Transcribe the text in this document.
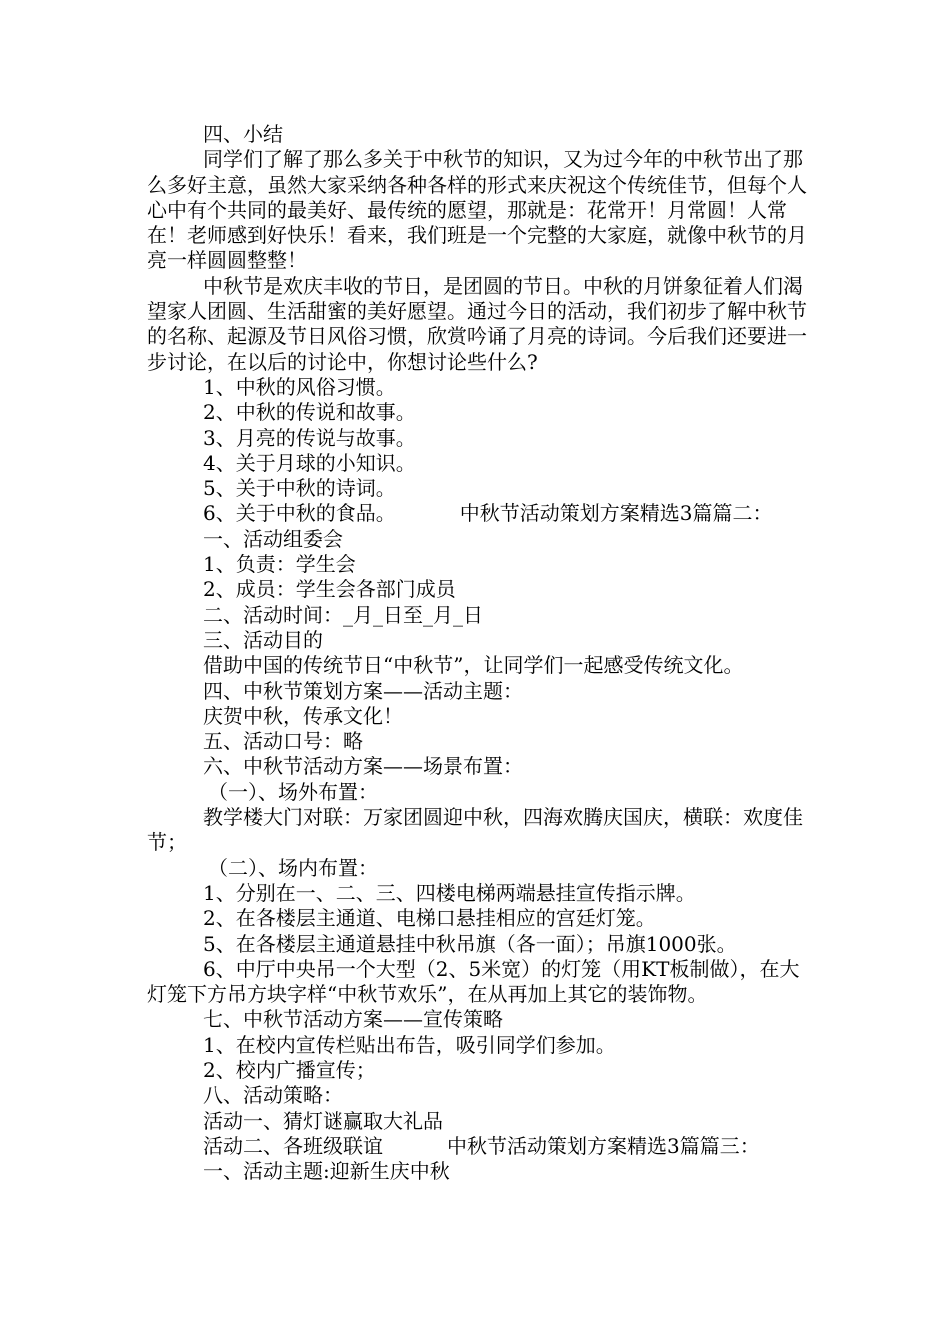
四、小结

同学们了解了那么多关于中秋节的知识，又为过今年的中秋节出了那么多好主意，虽然大家采纳各种各样的形式来庆祝这个传统佳节，但每个人心中有个共同的最美好、最传统的愿望，那就是：花常开！月常圆！人常在！老师感到好快乐！看来，我们班是一个完整的大家庭，就像中秋节的月亮一样圆圆整整！

中秋节是欢庆丰收的节日，是团圆的节日。中秋的月饼象征着人们渴望家人团圆、生活甜蜜的美好愿望。通过今日的活动，我们初步了解中秋节的名称、起源及节日风俗习惯，欣赏吟诵了月亮的诗词。今后我们还要进一步讨论，在以后的讨论中，你想讨论些什么?

1、中秋的风俗习惯。

2、中秋的传说和故事。

3、月亮的传说与故事。

4、关于月球的小知识。

5、关于中秋的诗词。

6、关于中秋的食品。	中秋节活动策划方案精选3篇篇二：

一、活动组委会

1、负责：学生会

2、成员：学生会各部门成员

二、活动时间：_月_日至_月_日

三、活动目的

借助中国的传统节日“中秋节”，让同学们一起感受传统文化。

四、中秋节策划方案——活动主题：

庆贺中秋，传承文化！

五、活动口号：略

六、中秋节活动方案——场景布置：

（一）、场外布置：

教学楼大门对联：万家团圆迎中秋，四海欢腾庆国庆，横联：欢度佳节；

（二）、场内布置：

1、分别在一、二、三、四楼电梯两端悬挂宣传指示牌。

2、在各楼层主通道、电梯口悬挂相应的宫廷灯笼。

5、在各楼层主通道悬挂中秋吊旗（各一面）；吊旗1000张。

6、中厅中央吊一个大型（2、5米宽）的灯笼（用KT板制做），在大灯笼下方吊方块字样“中秋节欢乐”，在从再加上其它的装饰物。

七、中秋节活动方案——宣传策略

1、在校内宣传栏贴出布告，吸引同学们参加。

2、校内广播宣传；

八、活动策略：

活动一、猜灯谜赢取大礼品

活动二、各班级联谊	中秋节活动策划方案精选3篇篇三：

一、活动主题:迎新生庆中秋
